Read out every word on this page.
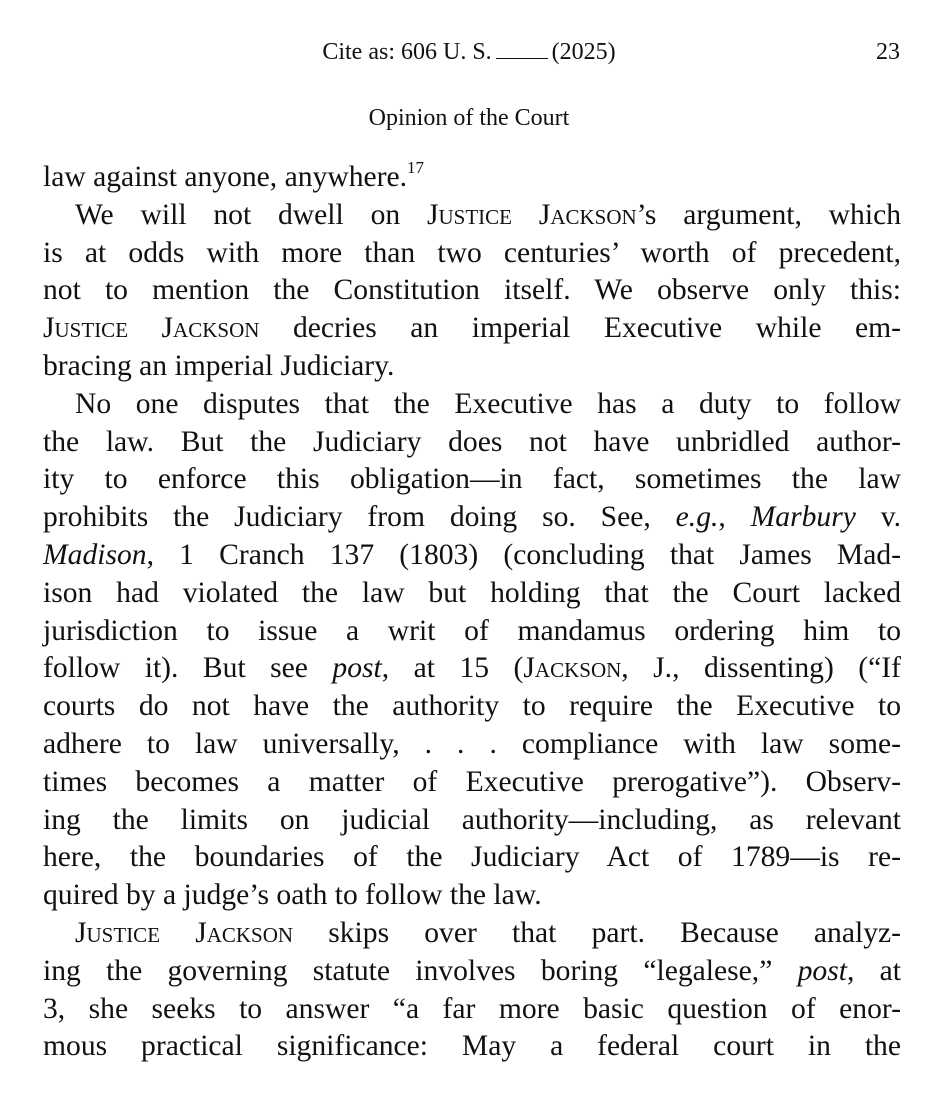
Cite as: 606 U. S.	(2025)	23
Opinion of the Court
law against anyone, anywhere.$^{17}$
We will not dwell on Justice Jackson’s argument, which
is at odds with more than two centuries’ worth of precedent,
not to mention the Constitution itself. We observe only this:
Justice Jackson decries an imperial Executive while em-
bracing an imperial Judiciary.
No one disputes that the Executive has a duty to follow
the law. But the Judiciary does not have unbridled author-
ity to enforce this obligation—in fact, sometimes the law
prohibits the Judiciary from doing so. See, e.g., Marbury v.
Madison, 1 Cranch 137 (1803) (concluding that James Mad-
ison had violated the law but holding that the Court lacked
jurisdiction to issue a writ of mandamus ordering him to
follow it). But see post, at 15 (Jackson, J., dissenting) (“If
courts do not have the authority to require the Executive to
adhere to law universally, . . . compliance with law some-
times becomes a matter of Executive prerogative”). Observ-
ing the limits on judicial authority—including, as relevant
here, the boundaries of the Judiciary Act of 1789—is re-
quired by a judge’s oath to follow the law.
Justice Jackson skips over that part. Because analyz-
ing the governing statute involves boring “legalese,” post, at
3, she seeks to answer “a far more basic question of enor-
mous practical significance: May a federal court in the
